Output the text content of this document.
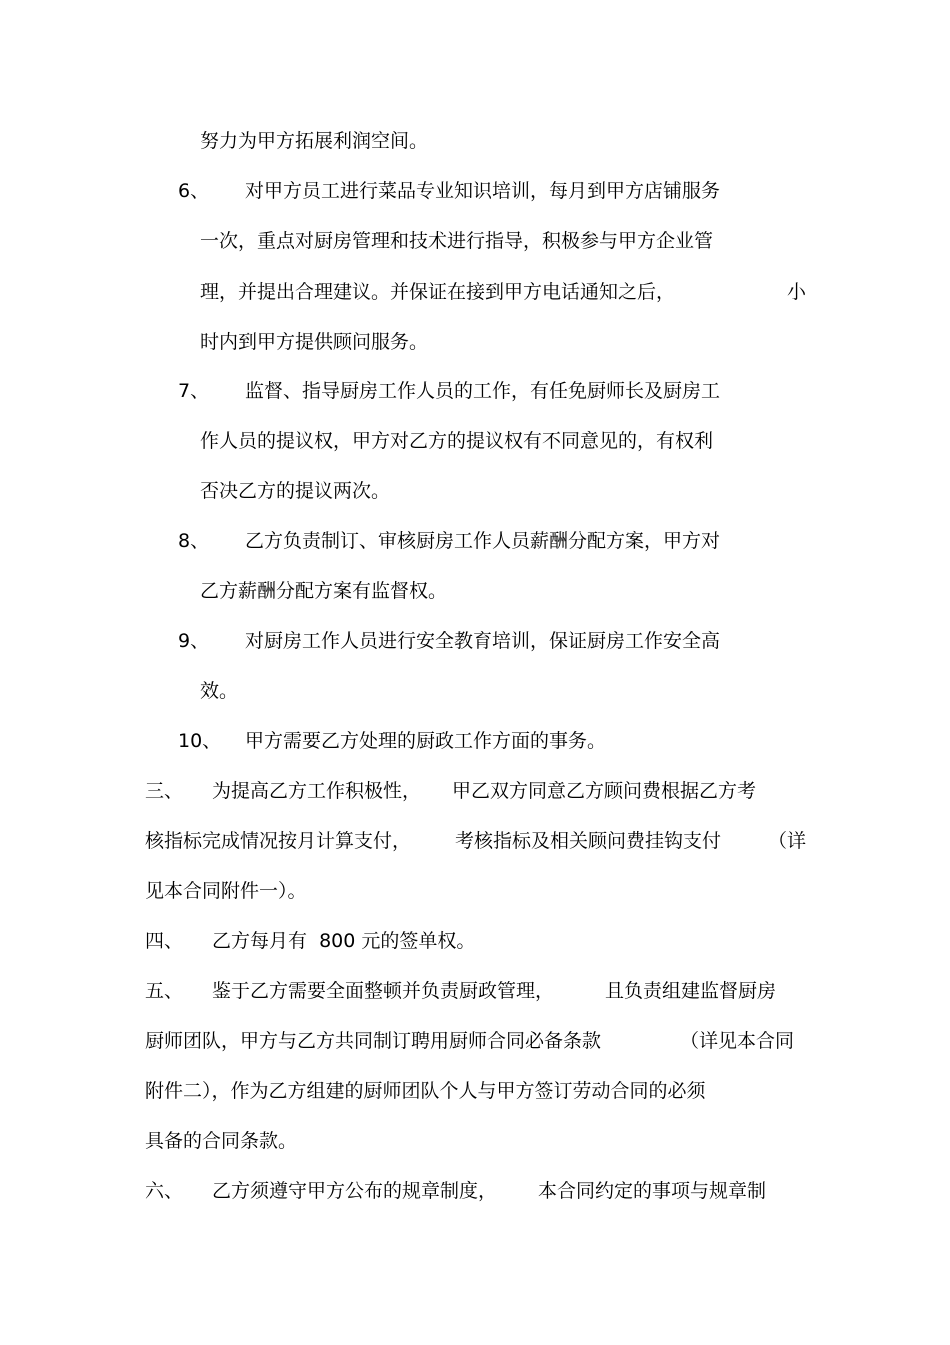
努力为甲方拓展利润空间。
6、 对甲方员工进行菜品专业知识培训，每月到甲方店铺服务
一次，重点对厨房管理和技术进行指导，积极参与甲方企业管
理，并提出合理建议。并保证在接到甲方电话通知之后，	小
时内到甲方提供顾问服务。
7、 监督、指导厨房工作人员的工作，有任免厨师长及厨房工
作人员的提议权，甲方对乙方的提议权有不同意见的，有权利
否决乙方的提议两次。
8、 乙方负责制订、审核厨房工作人员薪酬分配方案，甲方对
乙方薪酬分配方案有监督权。
9、 对厨房工作人员进行安全教育培训，保证厨房工作安全高
效。
10、 甲方需要乙方处理的厨政工作方面的事务。
三、 为提高乙方工作积极性， 甲乙双方同意乙方顾问费根据乙方考
核指标完成情况按月计算支付， 考核指标及相关顾问费挂钩支付 （详
见本合同附件一）。
四、 乙方每月有  800 元的签单权。
五、 鉴于乙方需要全面整顿并负责厨政管理，	且负责组建监督厨房
厨师团队，甲方与乙方共同制订聘用厨师合同必备条款	（详见本合同
附件二），作为乙方组建的厨师团队个人与甲方签订劳动合同的必须
具备的合同条款。
六、 乙方须遵守甲方公布的规章制度， 本合同约定的事项与规章制
